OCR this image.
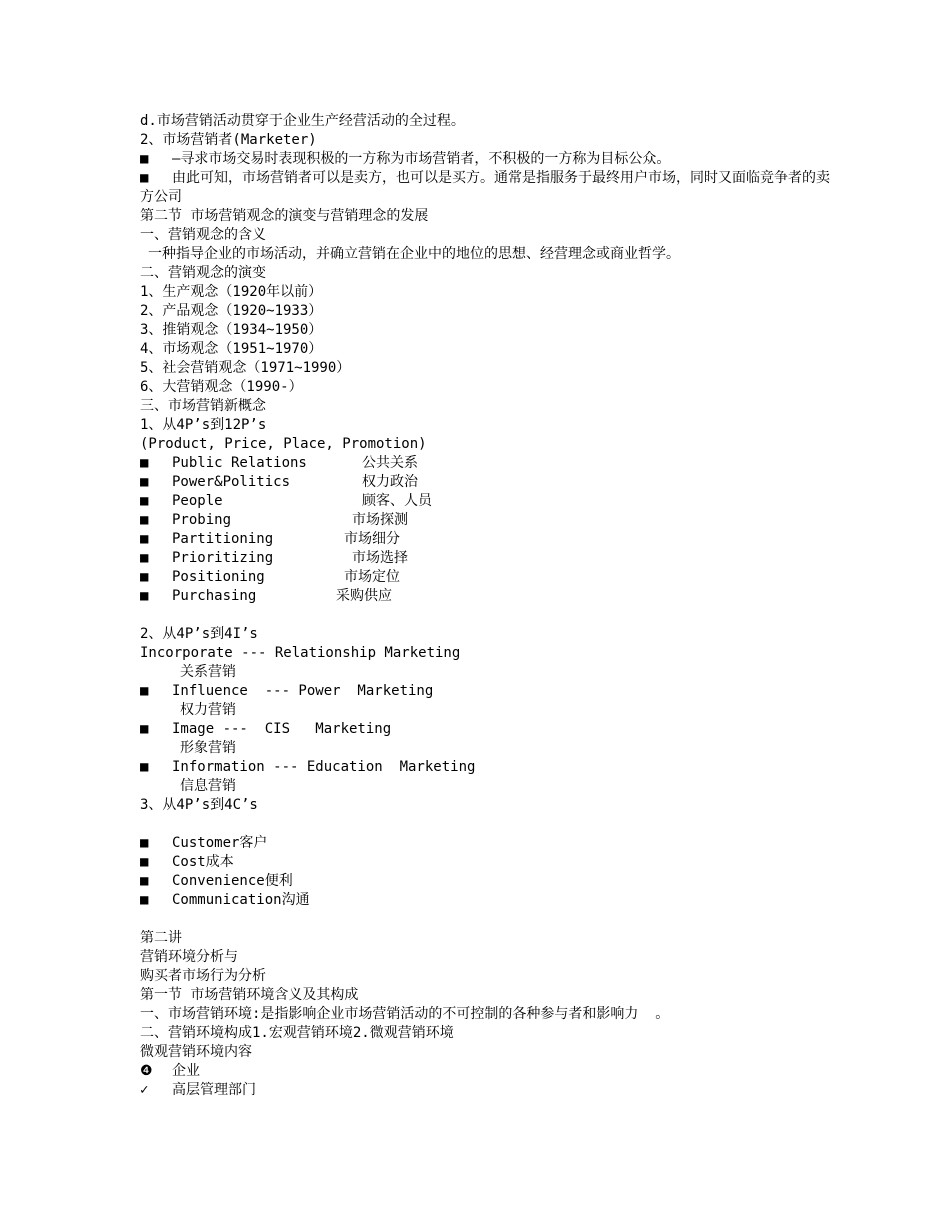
d.市场营销活动贯穿于企业生产经营活动的全过程。
2、市场营销者(Marketer)
■ —寻求市场交易时表现积极的一方称为市场营销者，不积极的一方称为目标公众。
■ 由此可知，市场营销者可以是卖方，也可以是买方。通常是指服务于最终用户市场，同时又面临竞争者的卖方公司
第二节 市场营销观念的演变与营销理念的发展
一、营销观念的含义
一种指导企业的市场活动，并确立营销在企业中的地位的思想、经营理念或商业哲学。
二、营销观念的演变
1、生产观念（1920年以前）
2、产品观念（1920~1933）
3、推销观念（1934~1950）
4、市场观念（1951~1970）
5、社会营销观念（1971~1990）
6、大营销观念（1990-）
三、市场营销新概念
1、从4P’s到12P’s
(Product, Price, Place, Promotion)
■ Public Relations	公共关系
■ Power&Politics	权力政治
■ People	顾客、人员
■ Probing	市场探测
■ Partitioning	市场细分
■ Prioritizing	市场选择
■ Positioning	市场定位
■ Purchasing	采购供应
2、从4P’s到4I’s
Incorporate --- Relationship Marketing
关系营销
■ Influence  --- Power  Marketing
权力营销
■ Image ---  CIS   Marketing
形象营销
■ Information --- Education  Marketing
信息营销
3、从4P’s到4C’s
■ Customer客户
■ Cost成本
■ Convenience便利
■ Communication沟通
第二讲
营销环境分析与
购买者市场行为分析
第一节 市场营销环境含义及其构成
一、市场营销环境:是指影响企业市场营销活动的不可控制的各种参与者和影响力  。
二、营销环境构成1.宏观营销环境2.微观营销环境
微观营销环境内容
❹ 企业
✓ 高层管理部门
